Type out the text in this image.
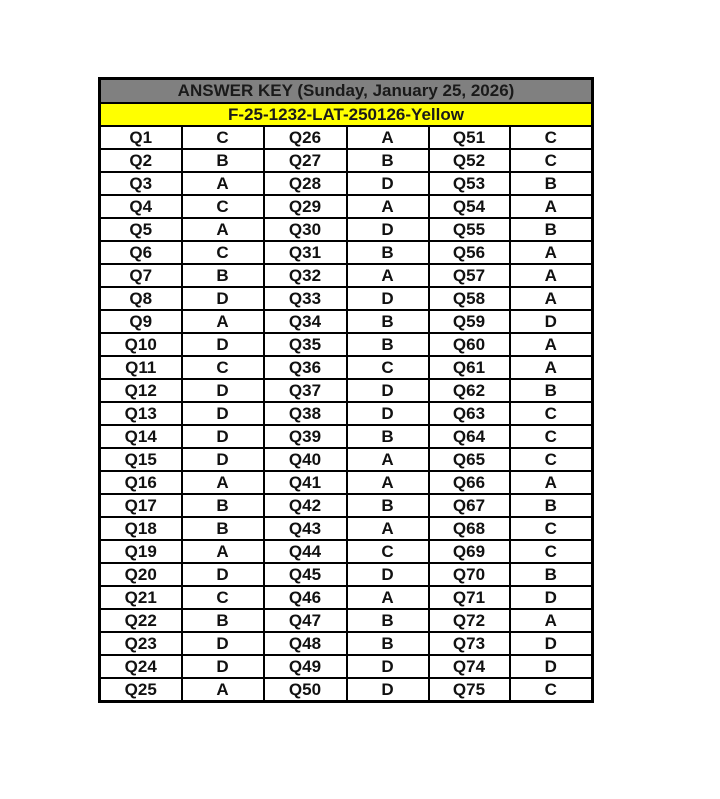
ANSWER KEY (Sunday, January 25, 2026)					
F-25-1232-LAT-250126-Yellow					
Q1	C	Q26	A	Q51	C
Q2	B	Q27	B	Q52	C
Q3	A	Q28	D	Q53	B
Q4	C	Q29	A	Q54	A
Q5	A	Q30	D	Q55	B
Q6	C	Q31	B	Q56	A
Q7	B	Q32	A	Q57	A
Q8	D	Q33	D	Q58	A
Q9	A	Q34	B	Q59	D
Q10	D	Q35	B	Q60	A
Q11	C	Q36	C	Q61	A
Q12	D	Q37	D	Q62	B
Q13	D	Q38	D	Q63	C
Q14	D	Q39	B	Q64	C
Q15	D	Q40	A	Q65	C
Q16	A	Q41	A	Q66	A
Q17	B	Q42	B	Q67	B
Q18	B	Q43	A	Q68	C
Q19	A	Q44	C	Q69	C
Q20	D	Q45	D	Q70	B
Q21	C	Q46	A	Q71	D
Q22	B	Q47	B	Q72	A
Q23	D	Q48	B	Q73	D
Q24	D	Q49	D	Q74	D
Q25	A	Q50	D	Q75	C
